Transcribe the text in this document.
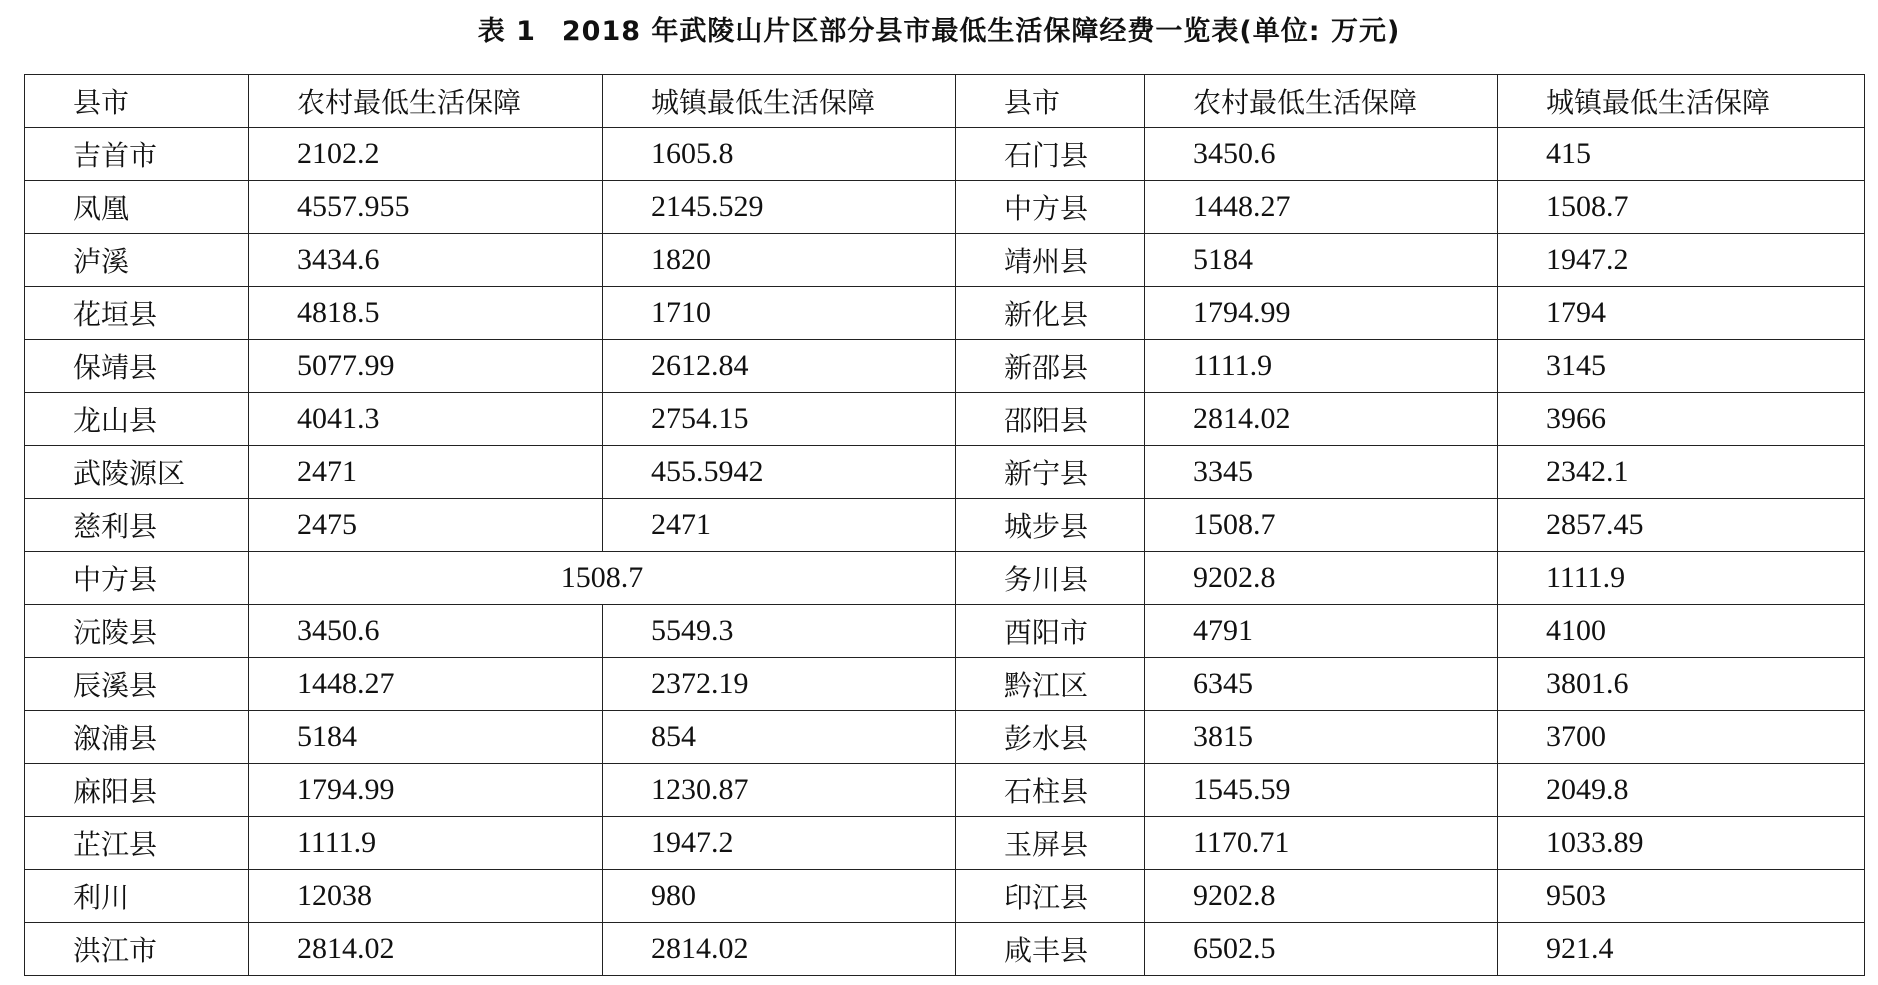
表 1 2018 年武陵山片区部分县市最低生活保障经费一览表(单位: 万元)
县市	农村最低生活保障	城镇最低生活保障	县市	农村最低生活保障	城镇最低生活保障
吉首市	2102.2	1605.8	石门县	3450.6	415
凤凰	4557.955	2145.529	中方县	1448.27	1508.7
泸溪	3434.6	1820	靖州县	5184	1947.2
花垣县	4818.5	1710	新化县	1794.99	1794
保靖县	5077.99	2612.84	新邵县	1111.9	3145
龙山县	4041.3	2754.15	邵阳县	2814.02	3966
武陵源区	2471	455.5942	新宁县	3345	2342.1
慈利县	2475	2471	城步县	1508.7	2857.45
中方县	1508.7		务川县	9202.8	1111.9
沅陵县	3450.6	5549.3	酉阳市	4791	4100
辰溪县	1448.27	2372.19	黔江区	6345	3801.6
溆浦县	5184	854	彭水县	3815	3700
麻阳县	1794.99	1230.87	石柱县	1545.59	2049.8
芷江县	1111.9	1947.2	玉屏县	1170.71	1033.89
利川	12038	980	印江县	9202.8	9503
洪江市	2814.02	2814.02	咸丰县	6502.5	921.4
